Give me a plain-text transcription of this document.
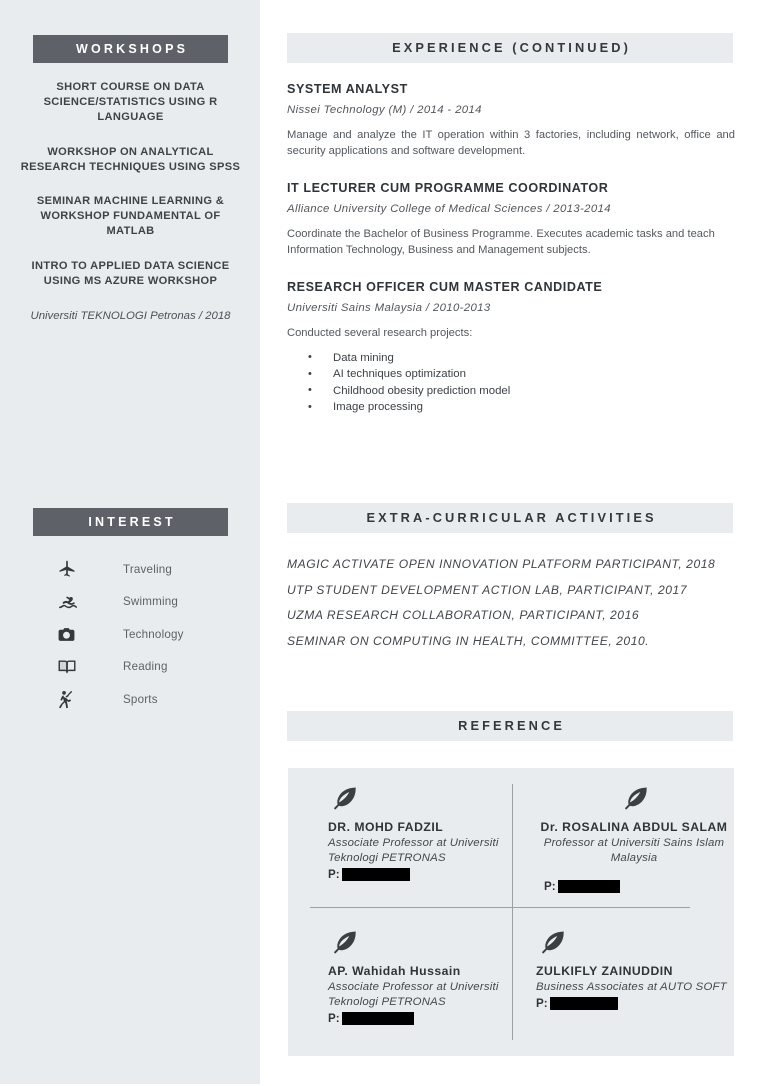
WORKSHOPS
SHORT COURSE ON DATA SCIENCE/STATISTICS USING R LANGUAGE
WORKSHOP ON ANALYTICAL RESEARCH TECHNIQUES USING SPSS
SEMINAR MACHINE LEARNING & WORKSHOP FUNDAMENTAL OF MATLAB
INTRO TO APPLIED DATA SCIENCE USING MS AZURE WORKSHOP
Universiti TEKNOLOGI Petronas / 2018
INTEREST
Traveling
Swimming
Technology
Reading
Sports
EXPERIENCE (CONTINUED)
SYSTEM ANALYST
Nissei Technology (M) / 2014 - 2014

Manage and analyze the IT operation within 3 factories, including network, office and security applications and software development.

IT LECTURER CUM PROGRAMME COORDINATOR
Alliance University College of Medical Sciences / 2013-2014

Coordinate the Bachelor of Business Programme. Executes academic tasks and teach Information Technology, Business and Management subjects.

RESEARCH OFFICER CUM MASTER CANDIDATE
Universiti Sains Malaysia / 2010-2013

Conducted several research projects:

• Data mining
• AI techniques optimization
• Childhood obesity prediction model
• Image processing
EXTRA-CURRICULAR ACTIVITIES
MAGIC ACTIVATE OPEN INNOVATION PLATFORM PARTICIPANT, 2018
UTP STUDENT DEVELOPMENT ACTION LAB, PARTICIPANT, 2017
UZMA RESEARCH COLLABORATION, PARTICIPANT, 2016
SEMINAR ON COMPUTING IN HEALTH, COMMITTEE, 2010.
REFERENCE
DR. MOHD FADZIL
Associate Professor at Universiti Teknologi PETRONAS
P:
Dr. ROSALINA ABDUL SALAM
Professor at Universiti Sains Islam Malaysia
P:
AP. Wahidah Hussain
Associate Professor at Universiti Teknologi PETRONAS
P:
ZULKIFLY ZAINUDDIN
Business Associates at AUTO SOFT
P:
